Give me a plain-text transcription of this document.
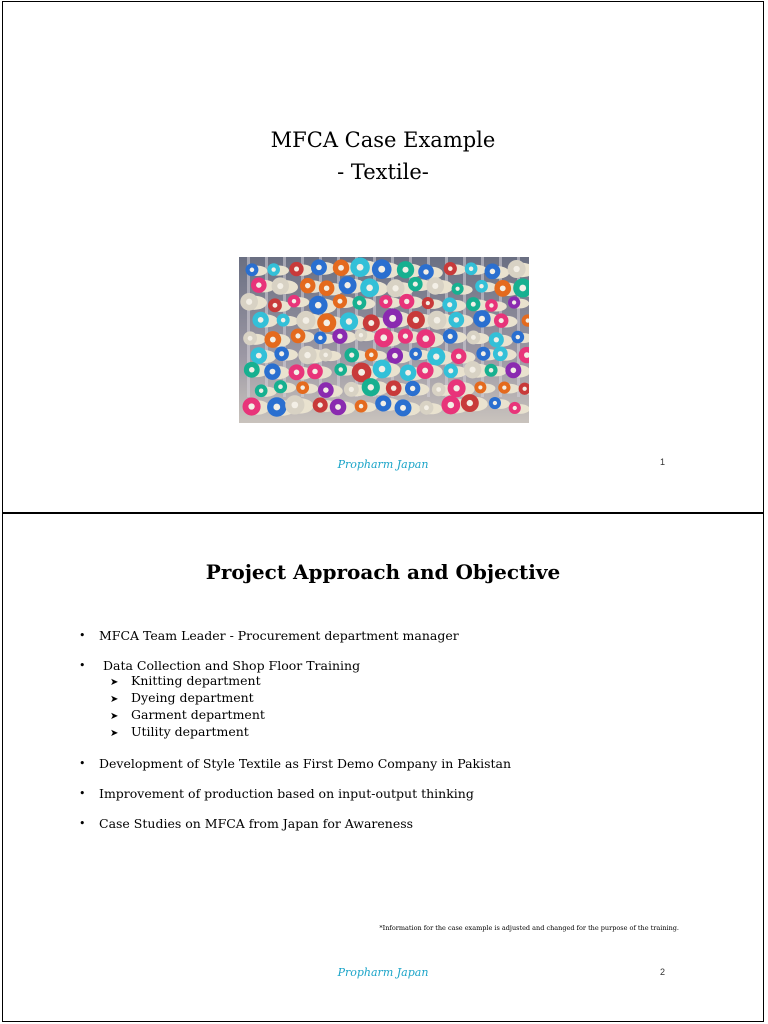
MFCA Case Example
- Textile-
Propharm Japan	1
Project Approach and Objective
• MFCA Team Leader - Procurement department manager
• Data Collection and Shop Floor Training
➤ Knitting department
➤ Dyeing department
➤ Garment department
➤ Utility department
• Development of Style Textile as First Demo Company in Pakistan
• Improvement of production based on input-output thinking
• Case Studies on MFCA from Japan for Awareness
*Information for the case example is adjusted and changed for the purpose of the training.
Propharm Japan	2
